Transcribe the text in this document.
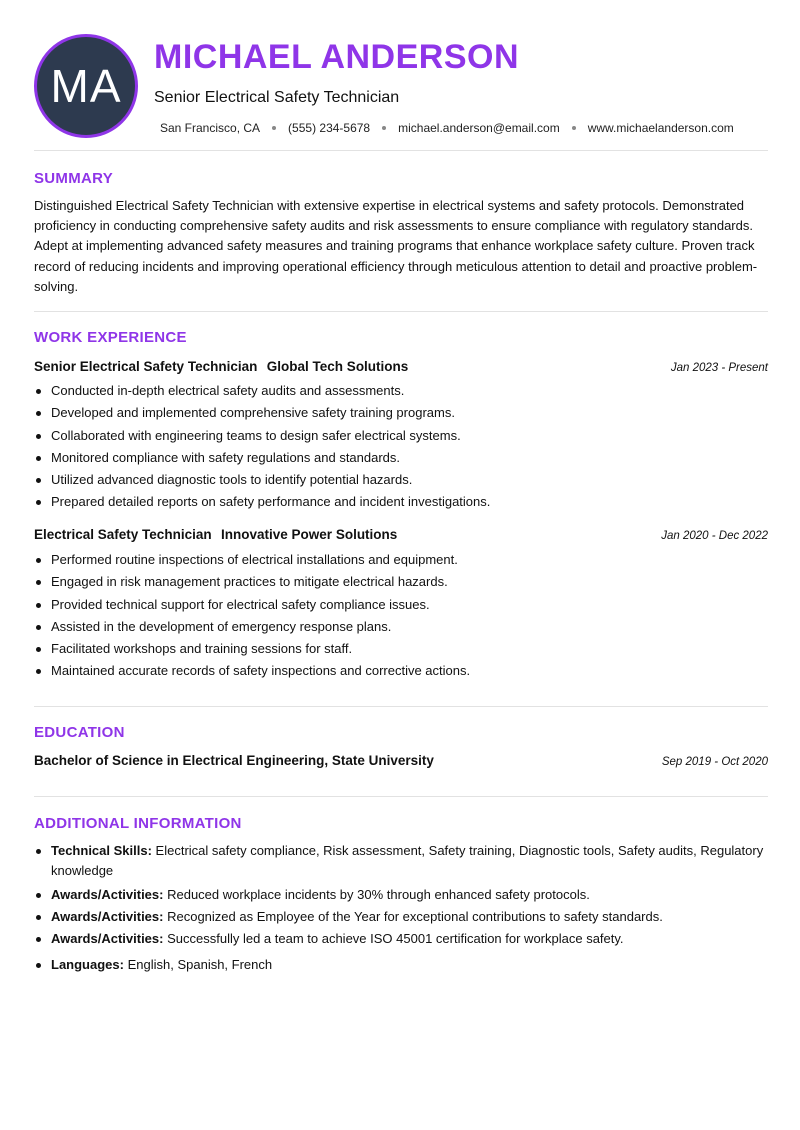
MA
MICHAEL ANDERSON
Senior Electrical Safety Technician
San Francisco, CA (555) 234-5678 michael.anderson@email.com www.michaelanderson.com
SUMMARY

Distinguished Electrical Safety Technician with extensive expertise in electrical systems and safety protocols. Demonstrated proficiency in conducting comprehensive safety audits and risk assessments to ensure compliance with regulatory standards. Adept at implementing advanced safety measures and training programs that enhance workplace safety culture. Proven track record of reducing incidents and improving operational efficiency through meticulous attention to detail and proactive problem-solving.

WORK EXPERIENCE
Senior Electrical Safety Technician Global Tech Solutions	Jan 2023 - Present
Conducted in-depth electrical safety audits and assessments.
Developed and implemented comprehensive safety training programs.
Collaborated with engineering teams to design safer electrical systems.
Monitored compliance with safety regulations and standards.
Utilized advanced diagnostic tools to identify potential hazards.
Prepared detailed reports on safety performance and incident investigations.
Electrical Safety Technician Innovative Power Solutions	Jan 2020 - Dec 2022
Performed routine inspections of electrical installations and equipment.
Engaged in risk management practices to mitigate electrical hazards.
Provided technical support for electrical safety compliance issues.
Assisted in the development of emergency response plans.
Facilitated workshops and training sessions for staff.
Maintained accurate records of safety inspections and corrective actions.
EDUCATION
Bachelor of Science in Electrical Engineering, State University	Sep 2019 - Oct 2020
ADDITIONAL INFORMATION
Technical Skills: Electrical safety compliance, Risk assessment, Safety training, Diagnostic tools, Safety audits, Regulatory knowledge
Awards/Activities: Reduced workplace incidents by 30% through enhanced safety protocols.
Awards/Activities: Recognized as Employee of the Year for exceptional contributions to safety standards.
Awards/Activities: Successfully led a team to achieve ISO 45001 certification for workplace safety.
Languages: English, Spanish, French
